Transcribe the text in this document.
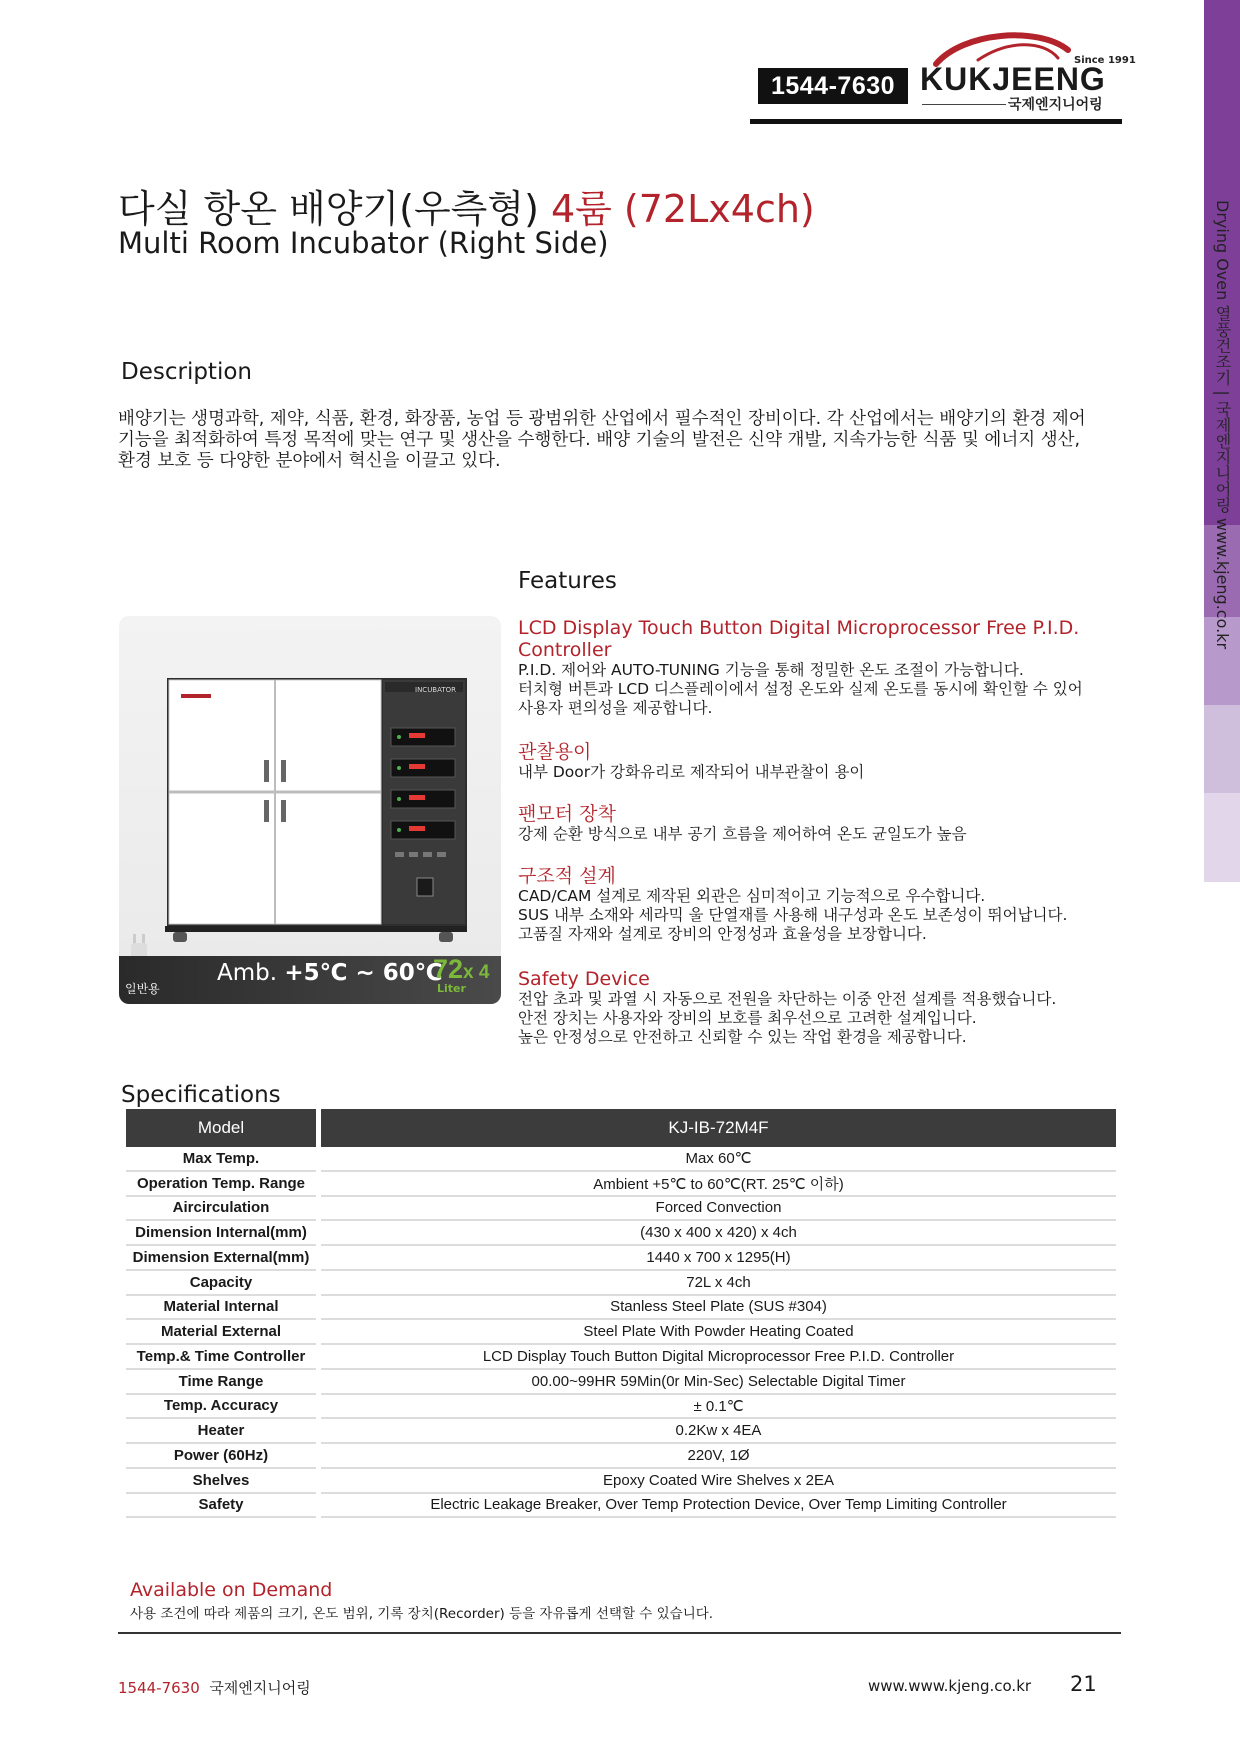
1544-7630
Since 1991
KUKJEENG
국제엔지니어링
Drying Oven 열풍건조기 | 국제엔지니어링 www.kjeng.co.kr
다실 항온 배양기(우측형) 4룸 (72Lx4ch)
Multi Room Incubator (Right Side)
Description
배양기는 생명과학, 제약, 식품, 환경, 화장품, 농업 등 광범위한 산업에서 필수적인 장비이다. 각 산업에서는 배양기의 환경 제어
기능을 최적화하여 특정 목적에 맞는 연구 및 생산을 수행한다. 배양 기술의 발전은 신약 개발, 지속가능한 식품 및 에너지 생산,
환경 보호 등 다양한 분야에서 혁신을 이끌고 있다.
INCUBATOR
일반용
Amb. +5℃ ~ 60℃
72x 4
Liter
Features
LCD Display Touch Button Digital Microprocessor Free P.I.D.
Controller
P.I.D. 제어와 AUTO-TUNING 기능을 통해 정밀한 온도 조절이 가능합니다.
터치형 버튼과 LCD 디스플레이에서 설정 온도와 실제 온도를 동시에 확인할 수 있어
사용자 편의성을 제공합니다.
관찰용이
내부 Door가 강화유리로 제작되어 내부관찰이 용이
팬모터 장착
강제 순환 방식으로 내부 공기 흐름을 제어하여 온도 균일도가 높음
구조적 설계
CAD/CAM 설계로 제작된 외관은 심미적이고 기능적으로 우수합니다.
SUS 내부 소재와 세라믹 울 단열재를 사용해 내구성과 온도 보존성이 뛰어납니다.
고품질 자재와 설계로 장비의 안정성과 효율성을 보장합니다.
Safety Device
전압 초과 및 과열 시 자동으로 전원을 차단하는 이중 안전 설계를 적용했습니다.
안전 장치는 사용자와 장비의 보호를 최우선으로 고려한 설계입니다.
높은 안정성으로 안전하고 신뢰할 수 있는 작업 환경을 제공합니다.
Specifications
Model		KJ-IB-72M4F
Max Temp.		Max 60℃
Operation Temp. Range		Ambient +5℃ to 60℃(RT. 25℃ 이하)
Aircirculation		Forced Convection
Dimension Internal(mm)		(430 x 400 x 420) x 4ch
Dimension External(mm)		1440 x 700 x 1295(H)
Capacity		72L x 4ch
Material Internal		Stanless Steel Plate (SUS #304)
Material External		Steel Plate With Powder Heating Coated
Temp.& Time Controller		LCD Display Touch Button Digital Microprocessor Free P.I.D. Controller
Time Range		00.00~99HR 59Min(0r Min-Sec) Selectable Digital Timer
Temp. Accuracy		± 0.1℃
Heater		0.2Kw x 4EA
Power (60Hz)		220V, 1Ø
Shelves		Epoxy Coated Wire Shelves x 2EA
Safety		Electric Leakage Breaker, Over Temp Protection Device, Over Temp Limiting Controller
Available on Demand
사용 조건에 따라 제품의 크기, 온도 범위, 기록 장치(Recorder) 등을 자유롭게 선택할 수 있습니다.
1544-7630 국제엔지니어링	www.www.kjeng.co.kr 21
